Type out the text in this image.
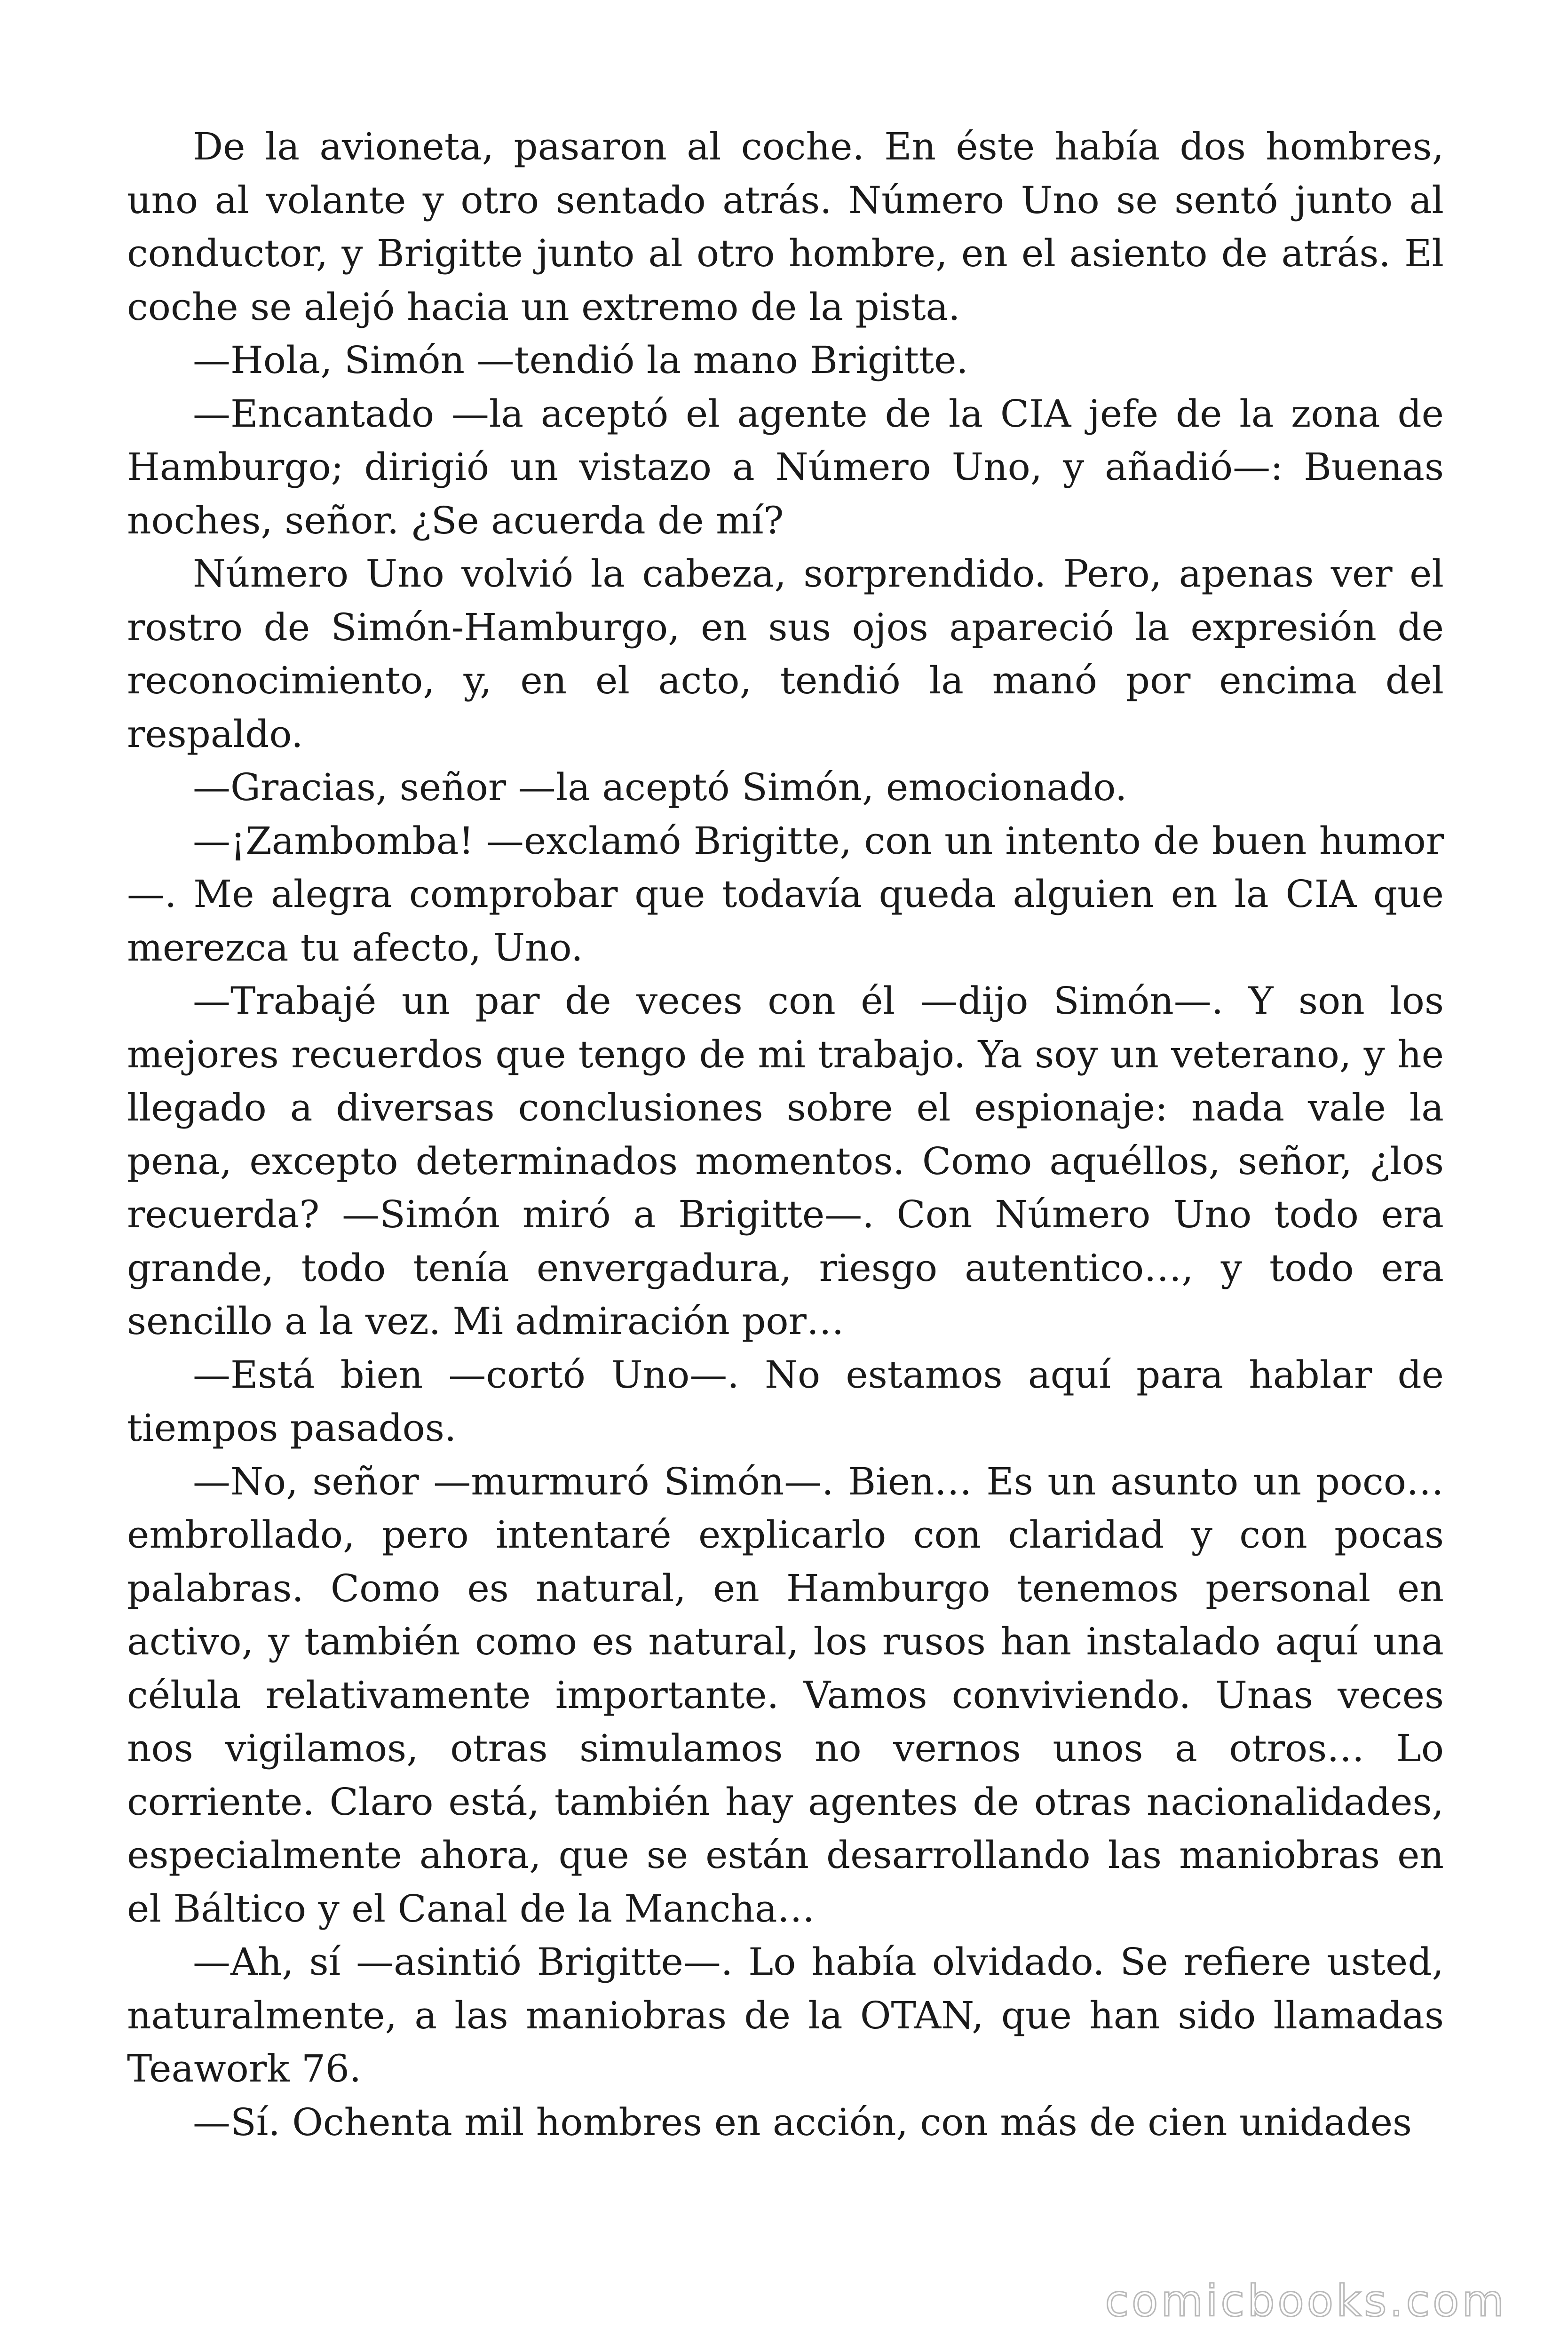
De la avioneta, pasaron al coche. En éste había dos hombres, uno al volante y otro sentado atrás. Número Uno se sentó junto al conductor, y Brigitte junto al otro hombre, en el asiento de atrás. El coche se alejó hacia un extremo de la pista.

—Hola, Simón —tendió la mano Brigitte.

—Encantado —la aceptó el agente de la CIA jefe de la zona de Hamburgo; dirigió un vistazo a Número Uno, y añadió—: Buenas noches, señor. ¿Se acuerda de mí?

Número Uno volvió la cabeza, sorprendido. Pero, apenas ver el rostro de Simón-Hamburgo, en sus ojos apareció la expresión de reconocimiento, y, en el acto, tendió la manó por encima del respaldo.

—Gracias, señor —la aceptó Simón, emocionado.

—¡Zambomba! —exclamó Brigitte, con un intento de buen humor—. Me alegra comprobar que todavía queda alguien en la CIA que merezca tu afecto, Uno.

—Trabajé un par de veces con él —dijo Simón—. Y son los mejores recuerdos que tengo de mi trabajo. Ya soy un veterano, y he llegado a diversas conclusiones sobre el espionaje: nada vale la pena, excepto determinados momentos. Como aquéllos, señor, ¿los recuerda? —Simón miró a Brigitte—. Con Número Uno todo era grande, todo tenía envergadura, riesgo autentico…, y todo era sencillo a la vez. Mi admiración por…

—Está bien —cortó Uno—. No estamos aquí para hablar de tiempos pasados.

—No, señor —murmuró Simón—. Bien… Es un asunto un poco… embrollado, pero intentaré explicarlo con claridad y con pocas palabras. Como es natural, en Hamburgo tenemos personal en activo, y también como es natural, los rusos han instalado aquí una célula relativamente importante. Vamos conviviendo. Unas veces nos vigilamos, otras simulamos no vernos unos a otros… Lo corriente. Claro está, también hay agentes de otras nacionalidades, especialmente ahora, que se están desarrollando las maniobras en el Báltico y el Canal de la Mancha…

—Ah, sí —asintió Brigitte—. Lo había olvidado. Se refiere usted, naturalmente, a las maniobras de la OTAN, que han sido llamadas Teawork 76.

—Sí. Ochenta mil hombres en acción, con más de cien unidades

comicbooks.com
